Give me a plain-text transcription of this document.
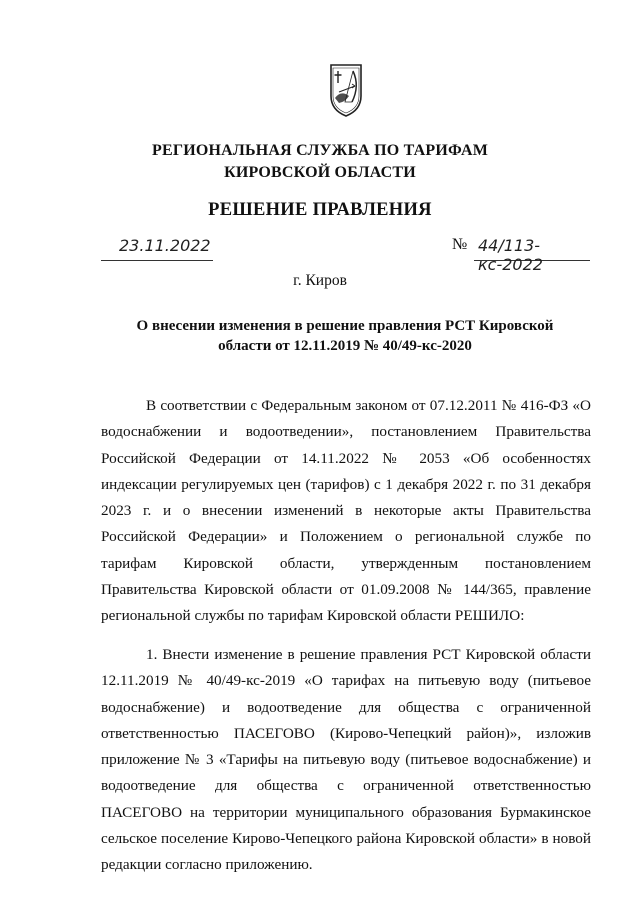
РЕГИОНАЛЬНАЯ СЛУЖБА ПО ТАРИФАМ
КИРОВСКОЙ ОБЛАСТИ
РЕШЕНИЕ ПРАВЛЕНИЯ
23.11.2022	№ 44/113-кс-2022
г. Киров
О внесении изменения в решение правления РСТ Кировской области от 12.11.2019 № 40/49-кс-2020
В соответствии с Федеральным законом от 07.12.2011 № 416-ФЗ «О водоснабжении и водоотведении», постановлением Правительства Российской Федерации от 14.11.2022 № 2053 «Об особенностях индексации регулируемых цен (тарифов) с 1 декабря 2022 г. по 31 декабря 2023 г. и о внесении изменений в некоторые акты Правительства Российской Федерации» и Положением о региональной службе по тарифам Кировской области, утвержденным постановлением Правительства Кировской области от 01.09.2008 № 144/365, правление региональной службы по тарифам Кировской области РЕШИЛО:
1. Внести изменение в решение правления РСТ Кировской области 12.11.2019 № 40/49-кс-2019 «О тарифах на питьевую воду (питьевое водоснабжение) и водоотведение для общества с ограниченной ответственностью ПАСЕГОВО (Кирово-Чепецкий район)», изложив приложение № 3 «Тарифы на питьевую воду (питьевое водоснабжение) и водоотведение для общества с ограниченной ответственностью ПАСЕГОВО на территории муниципального образования Бурмакинское сельское поселение Кирово-Чепецкого района Кировской области» в новой редакции согласно приложению.
